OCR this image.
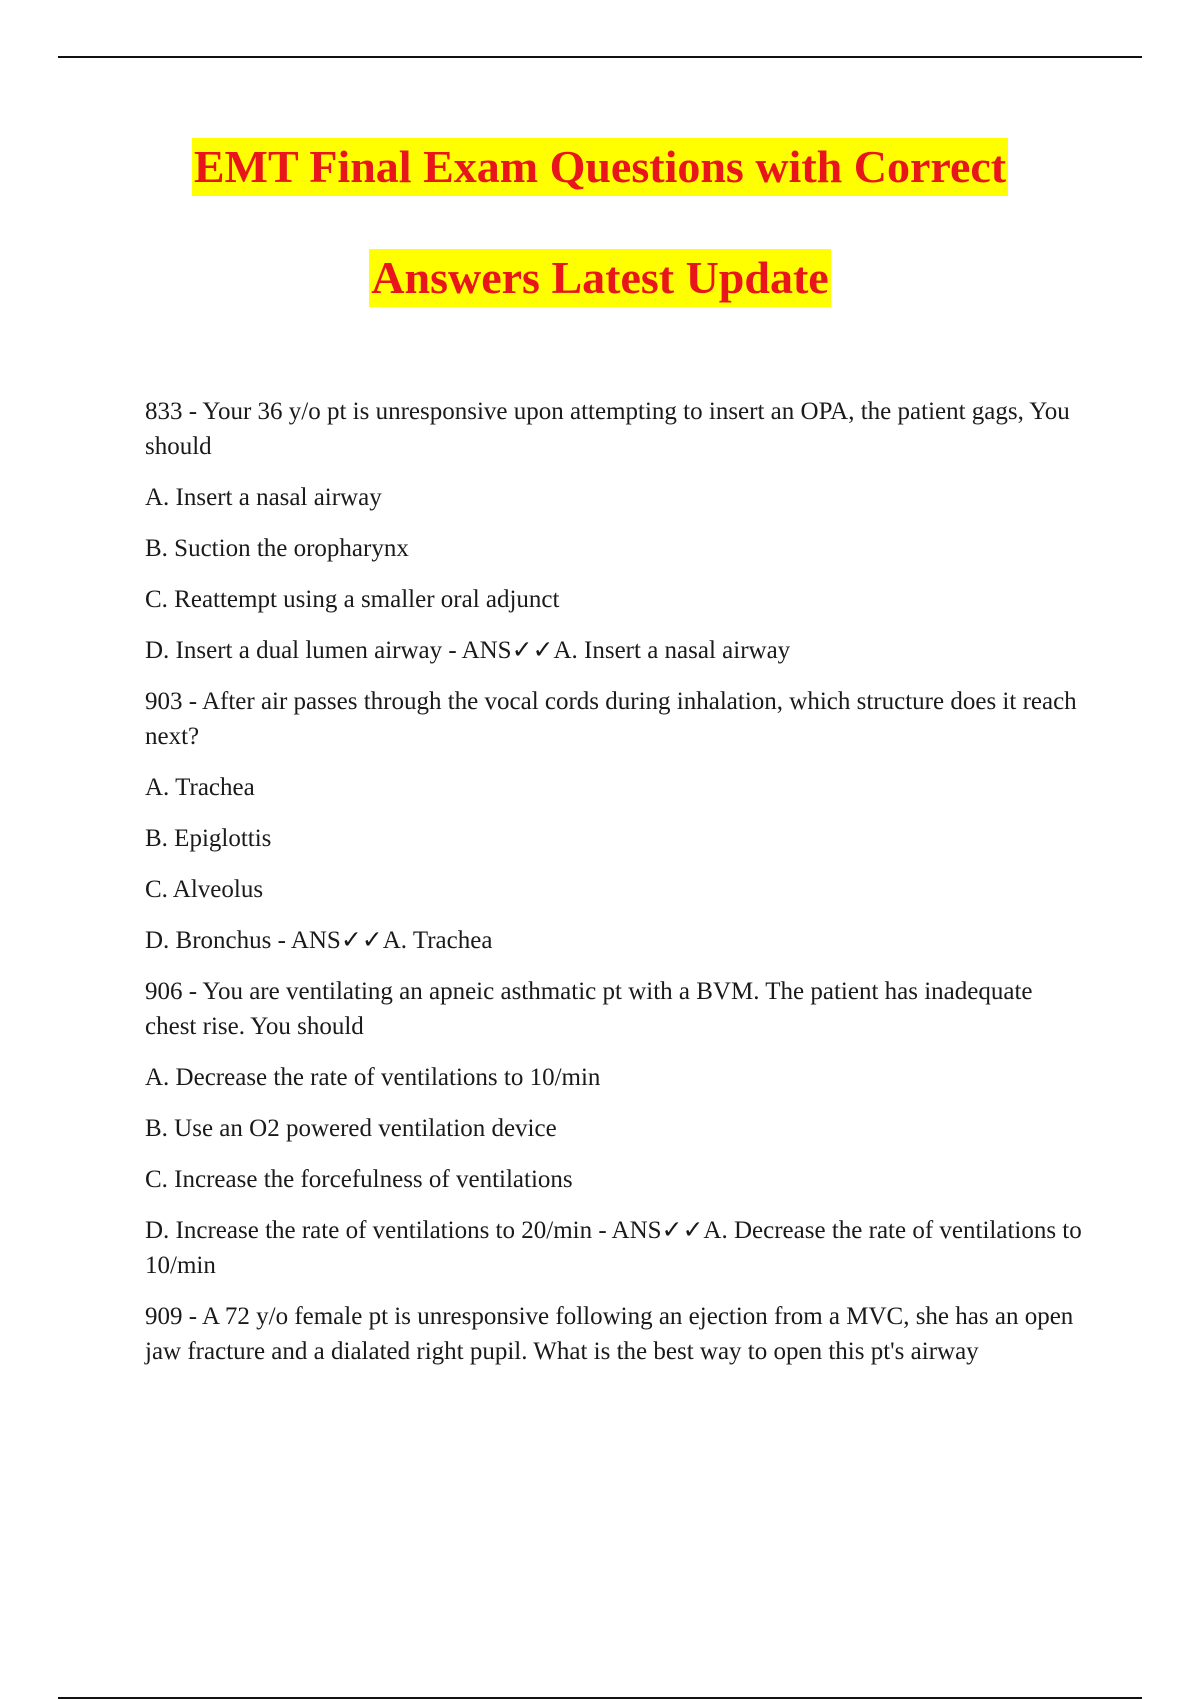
EMT Final Exam Questions with Correct
Answers Latest Update

833 - Your 36 y/o pt is unresponsive upon attempting to insert an OPA, the patient gags, You should

A. Insert a nasal airway

B. Suction the oropharynx

C. Reattempt using a smaller oral adjunct

D. Insert a dual lumen airway - ANS✓✓A. Insert a nasal airway

903 - After air passes through the vocal cords during inhalation, which structure does it reach next?

A. Trachea

B. Epiglottis

C. Alveolus

D. Bronchus - ANS✓✓A. Trachea

906 - You are ventilating an apneic asthmatic pt with a BVM. The patient has inadequate chest rise. You should

A. Decrease the rate of ventilations to 10/min

B. Use an O2 powered ventilation device

C. Increase the forcefulness of ventilations

D. Increase the rate of ventilations to 20/min - ANS✓✓A. Decrease the rate of ventilations to 10/min

909 - A 72 y/o female pt is unresponsive following an ejection from a MVC, she has an open jaw fracture and a dialated right pupil. What is the best way to open this pt's airway
